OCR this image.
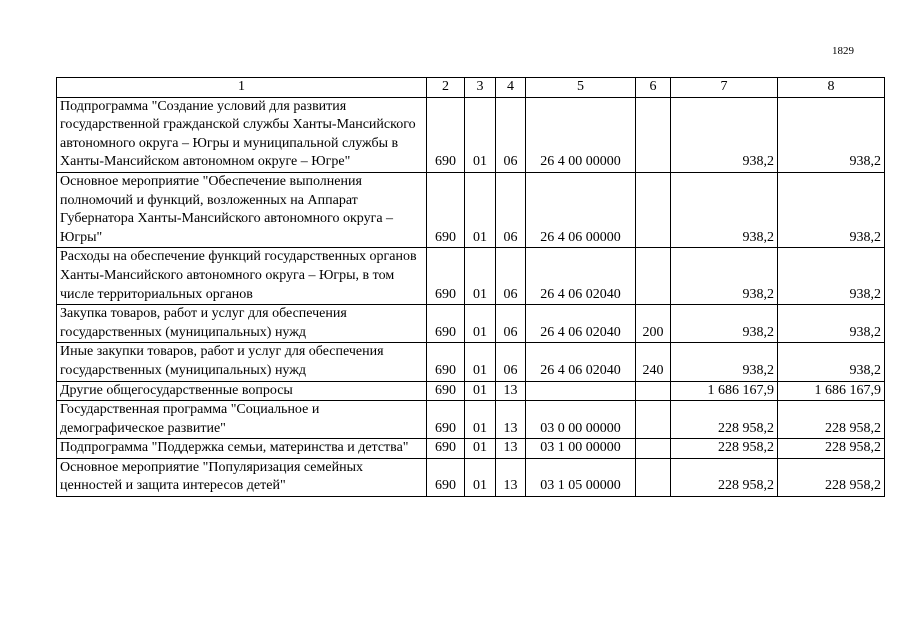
1829
1	2	3	4	5	6	7	8
Подпрограмма "Создание условий для развития государственной гражданской службы Ханты-Мансийского автономного округа – Югры и муниципальной службы в Ханты-Мансийском автономном округе – Югре"	690	01	06	26 4 00 00000		938,2	938,2
Основное мероприятие "Обеспечение выполнения полномочий и функций, возложенных на Аппарат Губернатора Ханты-Мансийского автономного округа – Югры"	690	01	06	26 4 06 00000		938,2	938,2
Расходы на обеспечение функций государственных органов Ханты-Мансийского автономного округа – Югры, в том числе территориальных органов	690	01	06	26 4 06 02040		938,2	938,2
Закупка товаров, работ и услуг для обеспечения государственных (муниципальных) нужд	690	01	06	26 4 06 02040	200	938,2	938,2
Иные закупки товаров, работ и услуг для обеспечения государственных (муниципальных) нужд	690	01	06	26 4 06 02040	240	938,2	938,2
Другие общегосударственные вопросы	690	01	13			1 686 167,9	1 686 167,9
Государственная программа "Социальное и демографическое развитие"	690	01	13	03 0 00 00000		228 958,2	228 958,2
Подпрограмма "Поддержка семьи, материнства и детства"	690	01	13	03 1 00 00000		228 958,2	228 958,2
Основное мероприятие "Популяризация семейных ценностей и защита интересов детей"	690	01	13	03 1 05 00000		228 958,2	228 958,2
